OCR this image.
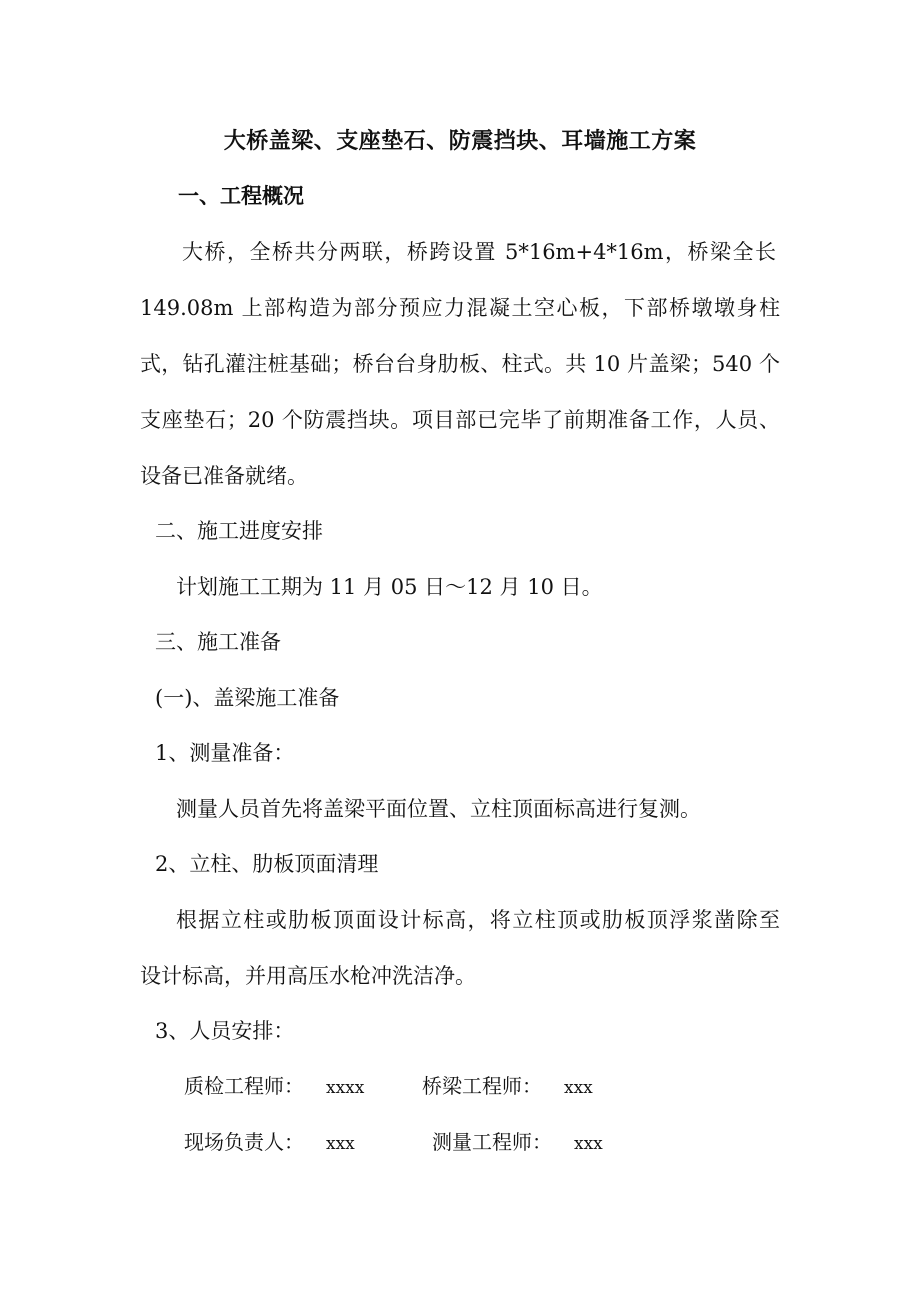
大桥盖梁、支座垫石、防震挡块、耳墙施工方案
一、工程概况
大桥，全桥共分两联，桥跨设置 5*16m+4*16m，桥梁全长
149.08m 上部构造为部分预应力混凝土空心板，下部桥墩墩身柱
式，钻孔灌注桩基础；桥台台身肋板、柱式。共 10 片盖梁；540 个
支座垫石；20 个防震挡块。项目部已完毕了前期准备工作，人员、
设备已准备就绪。
二、施工进度安排
计划施工工期为 11 月 05 日～12 月 10 日。
三、施工准备
(一)、盖梁施工准备
1、测量准备：
测量人员首先将盖梁平面位置、立柱顶面标高进行复测。
2、立柱、肋板顶面清理
根据立柱或肋板顶面设计标高，将立柱顶或肋板顶浮浆凿除至
设计标高，并用高压水枪冲洗洁净。
3、人员安排：
质检工程师： xxxx	桥梁工程师： xxx
现场负责人： xxx	测量工程师： xxx
